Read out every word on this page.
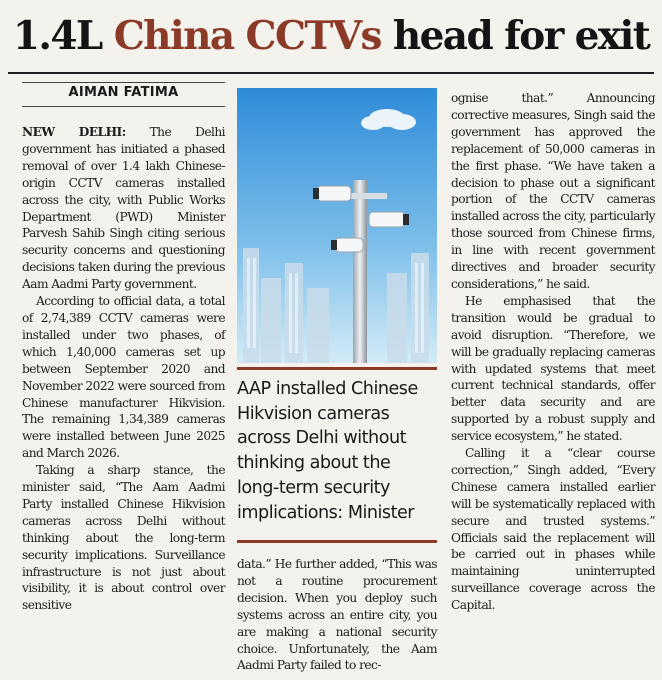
1.4L China CCTVs head for exit
AIMAN FATIMA

NEW DELHI: The Delhi government has initiated a phased removal of over 1.4 lakh Chinese-origin CCTV cameras installed across the city, with Public Works Department (PWD) Minister Parvesh Sahib Singh citing serious security concerns and questioning decisions taken during the previous Aam Aadmi Party government.

According to official data, a total of 2,74,389 CCTV cameras were installed under two phases, of which 1,40,000 cameras set up between September 2020 and November 2022 were sourced from Chinese manufacturer Hikvision. The remaining 1,34,389 cameras were installed between June 2025 and March 2026.

Taking a sharp stance, the minister said, “The Aam Aadmi Party installed Chinese Hikvision cameras across Delhi without thinking about the long-term security implications. Surveillance infrastructure is not just about visibility, it is about control over sensitive

AAP installed Chinese
Hikvision cameras
across Delhi without
thinking about the
long-term security
implications: Minister

data.” He further added, “This was not a routine procurement decision. When you deploy such systems across an entire city, you are making a national security choice. Unfortunately, the Aam Aadmi Party failed to rec-

ognise that.” Announcing corrective measures, Singh said the government has approved the replacement of 50,000 cameras in the first phase. “We have taken a decision to phase out a significant portion of the CCTV cameras installed across the city, particularly those sourced from Chinese firms, in line with recent government directives and broader security considerations,” he said.

He emphasised that the transition would be gradual to avoid disruption. “Therefore, we will be gradually replacing cameras with updated systems that meet current technical standards, offer better data security and are supported by a robust supply and service ecosystem,” he stated.

Calling it a “clear course correction,” Singh added, “Every Chinese camera installed earlier will be systematically replaced with secure and trusted systems.” Officials said the replacement will be carried out in phases while maintaining uninterrupted surveillance coverage across the Capital.
